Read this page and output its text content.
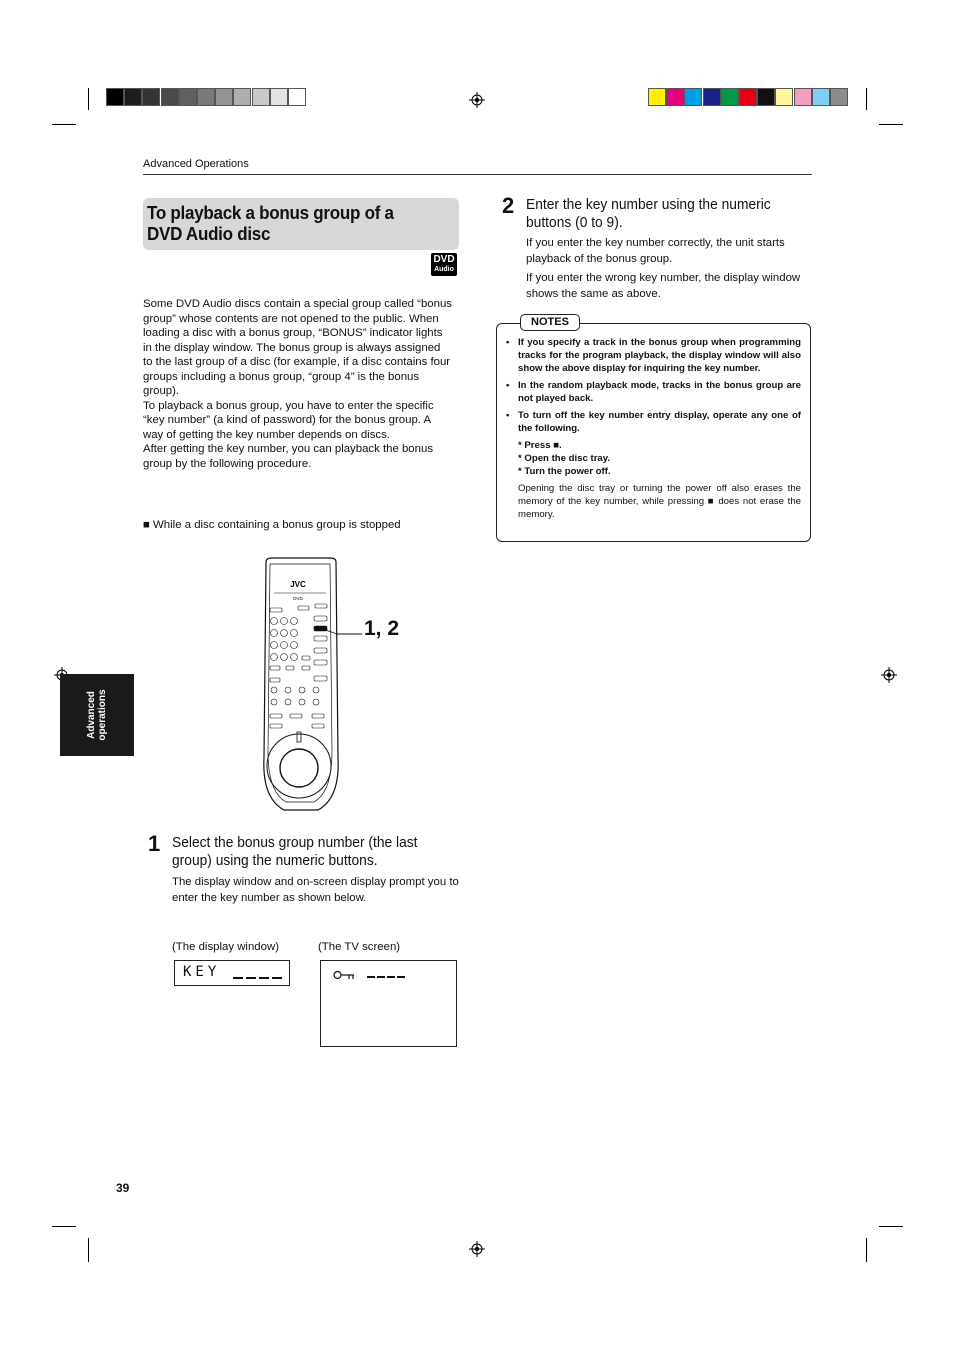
Advanced Operations
To playback a bonus group of a DVD Audio disc
DVD
Audio

Some DVD Audio discs contain a special group called “bonus group” whose contents are not opened to the public. When loading a disc with a bonus group, “BONUS” indicator lights in the display window. The bonus group is always assigned to the last group of a disc (for example, if a disc contains four groups including a bonus group, “group 4” is the bonus group).

To playback a bonus group, you have to enter the specific “key number” (a kind of password) for the bonus group. A way of getting the key number depends on discs.

After getting the key number, you can playback the bonus group by the following procedure.

■ While a disc containing a bonus group is stopped
Advanced operations
JVC
DVD
1, 2
1 Select the bonus group number (the last group) using the numeric buttons.
The display window and on-screen display prompt you to enter the key number as shown below.
(The display window)	(The TV screen)
KEY
2 Enter the key number using the numeric buttons (0 to 9).
If you enter the key number correctly, the unit starts playback of the bonus group.
If you enter the wrong key number, the display window shows the same as above.
NOTES
• If you specify a track in the bonus group when programming tracks for the program playback, the display window will also show the above display for inquiring the key number.
• In the random playback mode, tracks in the bonus group are not played back.
• To turn off the key number entry display, operate any one of the following.
* Press ■.
* Open the disc tray.
* Turn the power off.
Opening the disc tray or turning the power off also erases the memory of the key number, while pressing ■ does not erase the memory.
39
